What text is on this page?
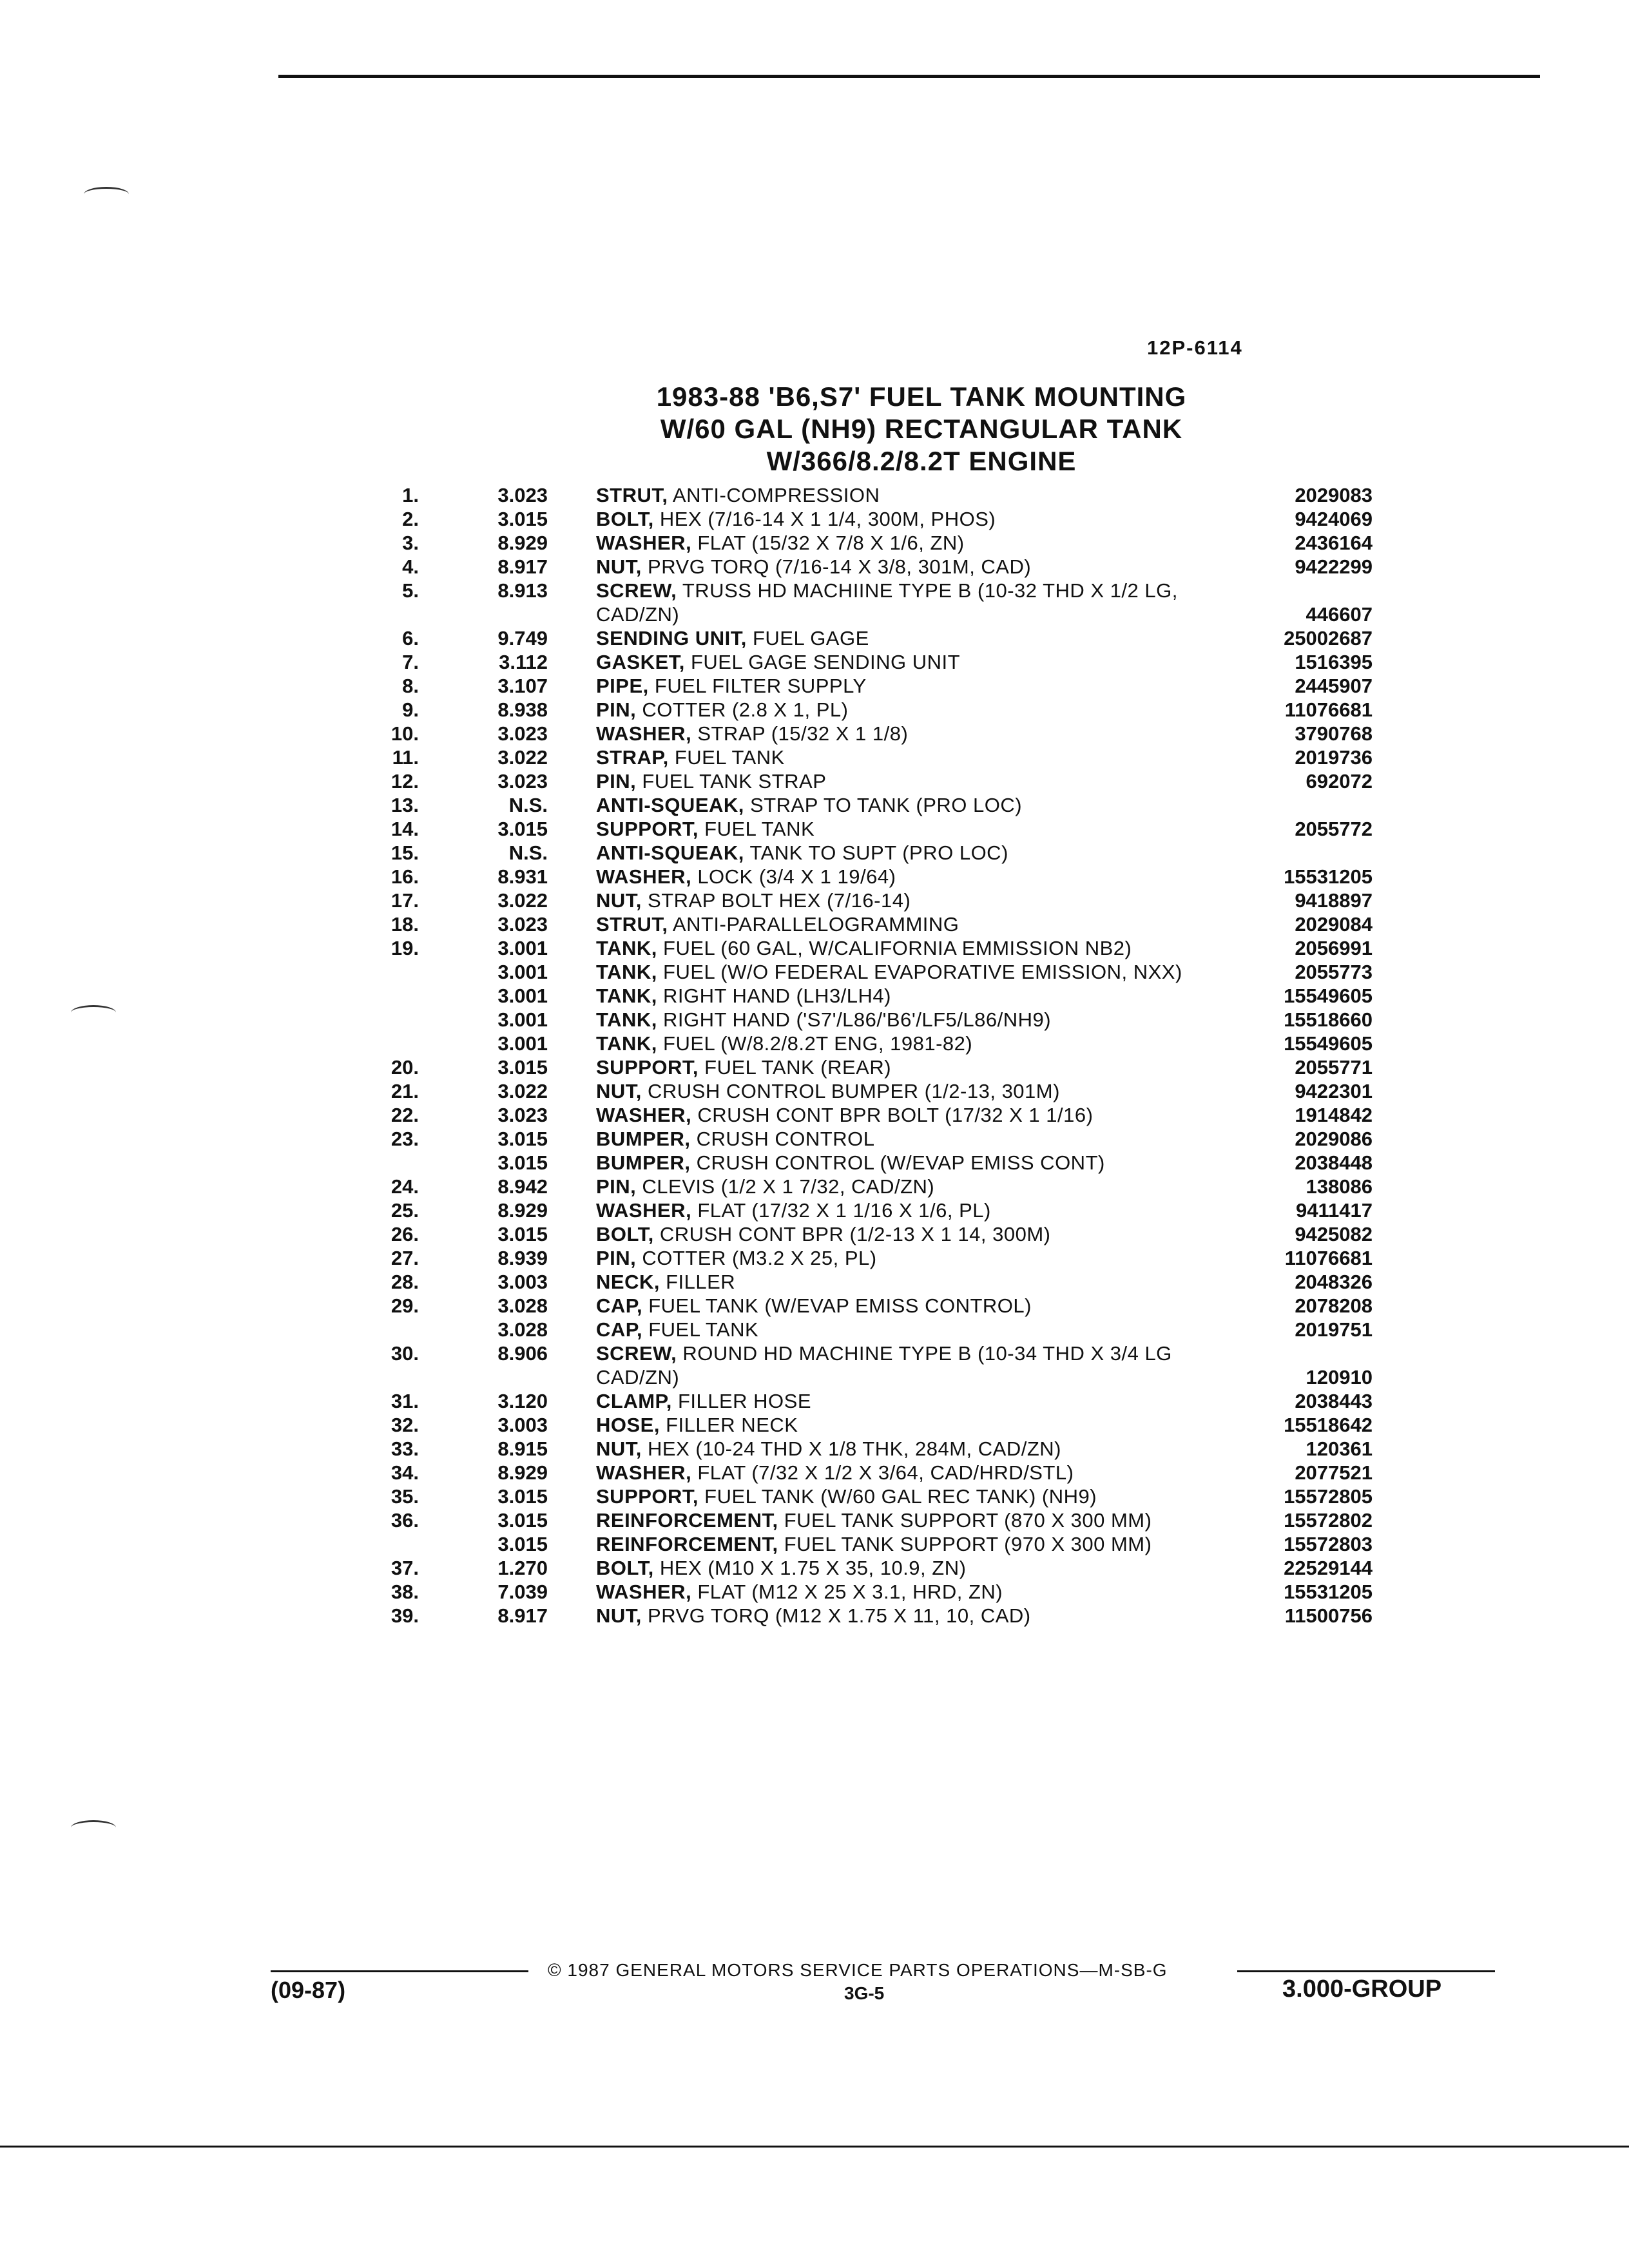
12P-6114
1983-88 'B6,S7' FUEL TANK MOUNTING
W/60 GAL (NH9) RECTANGULAR TANK
W/366/8.2/8.2T ENGINE
1.	3.023 STRUT, ANTI-COMPRESSION	2029083
2.	3.015 BOLT, HEX (7/16-14 X 1 1/4, 300M, PHOS)	9424069
3.	8.929 WASHER, FLAT (15/32 X 7/8 X 1/6, ZN)	2436164
4.	8.917 NUT, PRVG TORQ (7/16-14 X 3/8, 301M, CAD)	9422299
5.	8.913 SCREW, TRUSS HD MACHIINE TYPE B (10-32 THD X 1/2 LG, CAD/ZN)	446607
6.	9.749 SENDING UNIT, FUEL GAGE	25002687
7.	3.112 GASKET, FUEL GAGE SENDING UNIT	1516395
8.	3.107 PIPE, FUEL FILTER SUPPLY	2445907
9.	8.938 PIN, COTTER (2.8 X 1, PL)	11076681
10.	3.023 WASHER, STRAP (15/32 X 1 1/8)	3790768
11.	3.022 STRAP, FUEL TANK	2019736
12.	3.023 PIN, FUEL TANK STRAP	692072
13.	N.S. ANTI-SQUEAK, STRAP TO TANK (PRO LOC)
14.	3.015 SUPPORT, FUEL TANK	2055772
15.	N.S. ANTI-SQUEAK, TANK TO SUPT (PRO LOC)
16.	8.931 WASHER, LOCK (3/4 X 1 19/64)	15531205
17.	3.022 NUT, STRAP BOLT HEX (7/16-14)	9418897
18.	3.023 STRUT, ANTI-PARALLELOGRAMMING	2029084
19.	3.001 TANK, FUEL (60 GAL, W/CALIFORNIA EMMISSION NB2)	2056991
3.001 TANK, FUEL (W/O FEDERAL EVAPORATIVE EMISSION, NXX)	2055773
3.001 TANK, RIGHT HAND (LH3/LH4)	15549605
3.001 TANK, RIGHT HAND ('S7'/L86/'B6'/LF5/L86/NH9)	15518660
3.001 TANK, FUEL (W/8.2/8.2T ENG, 1981-82)	15549605
20.	3.015 SUPPORT, FUEL TANK (REAR)	2055771
21.	3.022 NUT, CRUSH CONTROL BUMPER (1/2-13, 301M)	9422301
22.	3.023 WASHER, CRUSH CONT BPR BOLT (17/32 X 1 1/16)	1914842
23.	3.015 BUMPER, CRUSH CONTROL	2029086
3.015 BUMPER, CRUSH CONTROL (W/EVAP EMISS CONT)	2038448
24.	8.942 PIN, CLEVIS (1/2 X 1 7/32, CAD/ZN)	138086
25.	8.929 WASHER, FLAT (17/32 X 1 1/16 X 1/6, PL)	9411417
26.	3.015 BOLT, CRUSH CONT BPR (1/2-13 X 1 14, 300M)	9425082
27.	8.939 PIN, COTTER (M3.2 X 25, PL)	11076681
28.	3.003 NECK, FILLER	2048326
29.	3.028 CAP, FUEL TANK (W/EVAP EMISS CONTROL)	2078208
3.028 CAP, FUEL TANK	2019751
30.	8.906 SCREW, ROUND HD MACHINE TYPE B (10-34 THD X 3/4 LG CAD/ZN)	120910
31.	3.120 CLAMP, FILLER HOSE	2038443
32.	3.003 HOSE, FILLER NECK	15518642
33.	8.915 NUT, HEX (10-24 THD X 1/8 THK, 284M, CAD/ZN)	120361
34.	8.929 WASHER, FLAT (7/32 X 1/2 X 3/64, CAD/HRD/STL)	2077521
35.	3.015 SUPPORT, FUEL TANK (W/60 GAL REC TANK) (NH9)	15572805
36.	3.015 REINFORCEMENT, FUEL TANK SUPPORT (870 X 300 MM)	15572802
3.015 REINFORCEMENT, FUEL TANK SUPPORT (970 X 300 MM)	15572803
37.	1.270 BOLT, HEX (M10 X 1.75 X 35, 10.9, ZN)	22529144
38.	7.039 WASHER, FLAT (M12 X 25 X 3.1, HRD, ZN)	15531205
39.	8.917 NUT, PRVG TORQ (M12 X 1.75 X 11, 10, CAD)	11500756
(09-87)
© 1987 GENERAL MOTORS SERVICE PARTS OPERATIONS—M-SB-G
3G-5	3.000-GROUP
